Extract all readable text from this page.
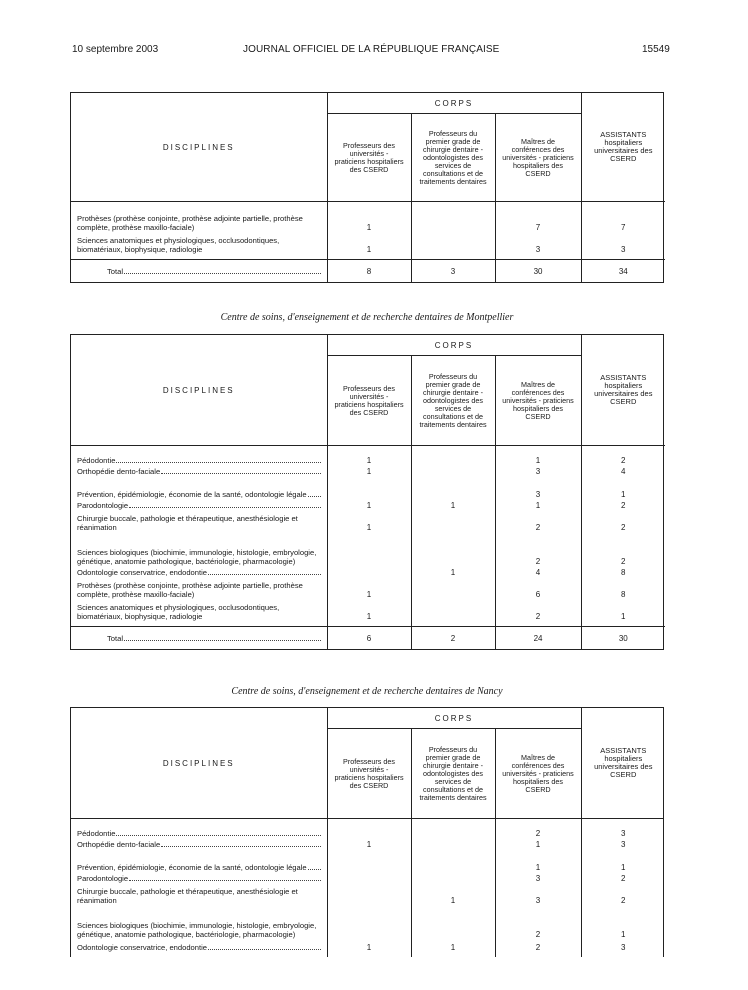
10 septembre 2003	JOURNAL OFFICIEL DE LA RÉPUBLIQUE FRANÇAISE	15549
DISCIPLINES	CORPS			ASSISTANTS hospitaliers universitaires des CSERD
	Professeurs des universités - praticiens hospitaliers des CSERD	Professeurs du premier grade de chirurgie dentaire - odontologistes des services de consultations et de traitements dentaires	Maîtres de conférences des universités - praticiens hospitaliers des CSERD	

Prothèses (prothèse conjointe, prothèse adjointe partielle, prothèse complète, prothèse maxillo-faciale)	1		7	7

Sciences anatomiques et physiologiques, occlusodontiques, biomatériaux, biophysique, radiologie	1		3	3

Total	8	3	30	34
Centre de soins, d'enseignement et de recherche dentaires de Montpellier
DISCIPLINES	CORPS			ASSISTANTS hospitaliers universitaires des CSERD
	Professeurs des universités - praticiens hospitaliers des CSERD	Professeurs du premier grade de chirurgie dentaire - odontologistes des services de consultations et de traitements dentaires	Maîtres de conférences des universités - praticiens hospitaliers des CSERD	

Pédodontie	1		1	2

Orthopédie dento-faciale	1		3	4

Prévention, épidémiologie, économie de la santé, odontologie légale			3	1

Parodontologie	1	1	1	2

Chirurgie buccale, pathologie et thérapeutique, anesthésiologie et réanimation	1		2	2

Sciences biologiques (biochimie, immunologie, histologie, embryologie, génétique, anatomie pathologique, bactériologie, pharmacologie)			2	2

Odontologie conservatrice, endodontie		1	4	8

Prothèses (prothèse conjointe, prothèse adjointe partielle, prothèse complète, prothèse maxillo-faciale)	1		6	8

Sciences anatomiques et physiologiques, occlusodontiques, biomatériaux, biophysique, radiologie	1		2	1

Total	6	2	24	30
Centre de soins, d'enseignement et de recherche dentaires de Nancy
DISCIPLINES	CORPS			ASSISTANTS hospitaliers universitaires des CSERD
	Professeurs des universités - praticiens hospitaliers des CSERD	Professeurs du premier grade de chirurgie dentaire - odontologistes des services de consultations et de traitements dentaires	Maîtres de conférences des universités - praticiens hospitaliers des CSERD	

Pédodontie			2	3

Orthopédie dento-faciale	1		1	3

Prévention, épidémiologie, économie de la santé, odontologie légale			1	1

Parodontologie			3	2

Chirurgie buccale, pathologie et thérapeutique, anesthésiologie et réanimation		1	3	2

Sciences biologiques (biochimie, immunologie, histologie, embryologie, génétique, anatomie pathologique, bactériologie, pharmacologie)			2	1

Odontologie conservatrice, endodontie	1	1	2	3
